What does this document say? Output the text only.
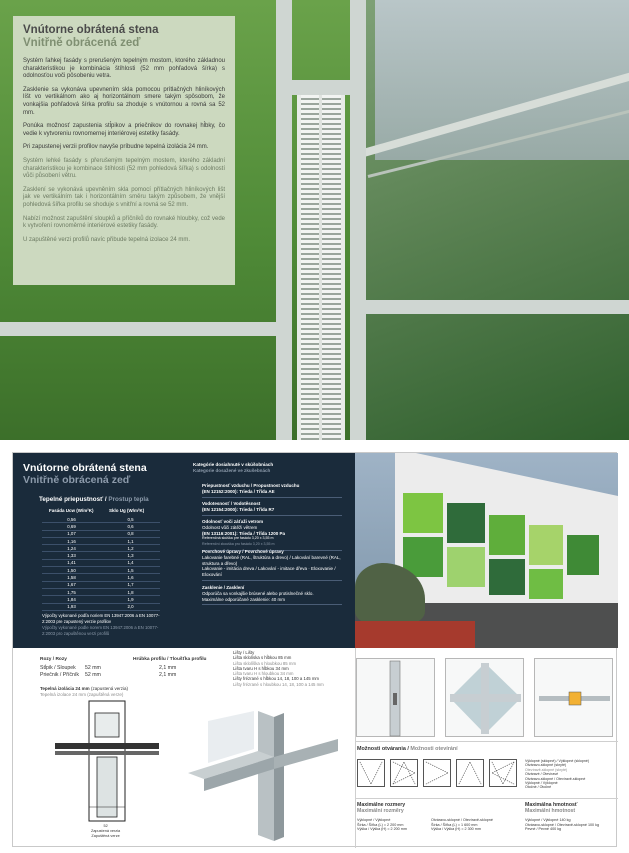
Vnútorne obrátená stena
Vnitřně obrácená zeď
Systém ľahkej fasády s prerušeným tepelným mostom, ktorého základnou charakteristikou je kombinácia štíhlosti (52 mm pohľadová šírka) s odolnosťou voči pôsobeniu vetra.
Zasklenie sa vykonáva upevnením skla pomocou prítlačných hliníkových líšt vo vertikálnom ako aj horizontálnom smere takým spôsobom, že vonkajšia pohľadová šírka profilu sa zhoduje s vnútornou a rovná sa 52 mm.
Ponúka možnosť zapustenia stĺpikov a priečnikov do rovnakej hĺbky, čo vedie k vytvoreniu rovnomernej interiérovej estetiky fasády.
Pri zapustenej verzii profilov navyše príbudne tepelná izolácia 24 mm.
Systém lehké fasády s přerušeným tepelným mostem, kterého základní charakteristikou je kombinace štíhlosti (52 mm pohledová šířka) s odolností vůči působení větru.
Zasklení se vykonává upevněním skla pomocí přítlačných hliníkových lišt jak ve vertikálním tak i horizontálním směru takým způsobem, že vnější pohledová šířka profilu se shoduje s vnitřní a rovná se 52 mm.
Nabízí možnost zapuštění sloupků a příčníků do rovnaké hloubky, což vede k vytvoření rovnoměrné interiérové estetiky fasády.
U zapuštěné verzi profilů navíc přibude tepelná izolace 24 mm.
Vnútorne obrátená stena
Vnitřně obrácená zeď
Tepelné priepustnosť / Prostup tepla
Fasáda Ucw (W/m²K)	Sklo Ug (W/m²K)
0,56	0,5
0,69	0,6
1,07	0,8
1,16	1,1
1,24	1,2
1,33	1,3
1,41	1,4
1,50	1,5
1,58	1,6
1,67	1,7
1,75	1,8
1,84	1,9
1,93	2,0
Výpočty vykonané podľa noriem EN 13947:2006 a EN 10077-2:2003 pre zapustený verzie profilov
Výpočty vykonané podle norem EN 13947:2006 a EN 10077-2:2003 pro zapuštěnou verzi profilů
Kategórie dosiahnuté v skúšobniach
Kategorie dosažené ve zkušebnách
Priepustnosť vzduchu / Propustnost vzduchu
(EN 12152:2000): Trieda / Třída AE
Vodotesnosť / Vodotěsnost
(EN 12154:2000): Trieda / Třída R7
Odolnosť voči záťaži vetrom
Odolnost vůči zátěži větrem
(EN 13116:2001): Trieda / Třída 1200 Pa
Referenčná skúška pre fasádu 3,20 x 3,55 m
Referenční zkouška pro fasádu 3,20 x 3,55 m
Povrchové úpravy / Povrchové úpravy
Lakovanie farebné (RAL, štruktúra a drevo) / Lakování barevné (RAL, struktura a dřevo)
Lakovanie - imitácia dreva / Lakování - imitace dřeva · Eloxovanie / Eloxování
Zasklenie / Zasklení
Odporúča sa vonkajšie brúsené alebo protislnečné sklo.
Maximálne odporúčané zasklenie: 40 mm
Rozy / Rozy	Hrúbka profilu / Tloušťka profilu
Stĺpik / Sloupek	52 mm	2,1 mm
Priečnik / Příčník	52 mm	2,1 mm
Tepelná izolácia 24 mm (zapustená verzia)
Tepelná izolace 24 mm (zapuštěná verze)
Lišty / Lišty
Lišta sklolíska s hĺbkou 85 mm
Lišta sklolíška s hloubkou 85 mm
Lišta tvaru H s hĺbkou 34 mm
Lišta tvaru H s hloubkou 34 mm
Lišty frézrané s hĺbkou 14, 18, 100 a 145 mm
Lišty frézrané s hloubkou 14, 18, 100 a 145 mm
52
Zapustená verzia
Zapuštěná verze
Možnosti otvárania / Možnosti otevírání
Výklopné (sklopné) / Výklopné (sklopné)
Otváravo-sklopné (skryté)
Otevíravě-sklopné (skryté)
Otváravé / Otevíravé
Otváravo-sklopné / Otevíravě-sklopné
Výklopné / Výklopné
Otočné / Otočné
Maximálne rozmery
Maximální rozměry
Výklopné / Výklopné
Šírka / Šířka (L) = 2 200 mm
Výška / Výška (H) = 2 200 mm
Otváravo-sklopné / Otevíravě-sklopné
Šírka / Šířka (L) = 1 600 mm
Výška / Výška (H) = 2 300 mm
Maximálna hmotnosť
Maximální hmotnost
Výklopné / Výklopné 140 kg
Otváravo-sklopné / Otevíravě-sklopné 100 kg
Pevné / Pevné 400 kg
